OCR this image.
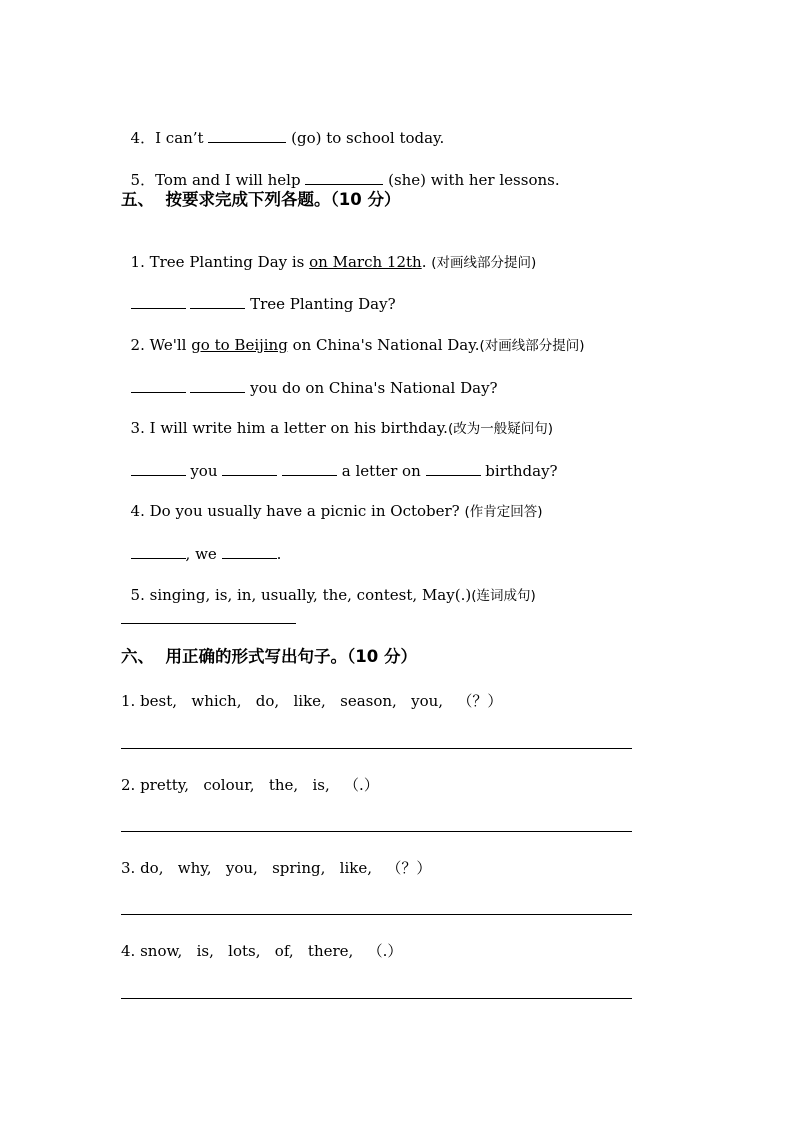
4．I can’t	(go) to school today.

5．Tom and I will help	(she) with her lessons.

五、  按要求完成下列各题。（10 分）

1. Tree Planting Day is on March 12th. (对画线部分提问)

Tree Planting Day?

2. We'll go to Beijing on China's National Day.(对画线部分提问)

you do on China's National Day?

3. I will write him a letter on his birthday.(改为一般疑问句)

you	a letter on	birthday?

4. Do you usually have a picnic in October? (作肯定回答)

, we	.

5. singing, is, in, usually, the, contest, May(.)(连词成句)

六、  用正确的形式写出句子。（10 分）
1. best,   which,   do,   like,   season,   you,   （？）
2. pretty,   colour,   the,   is,   （.）
3. do,   why,   you,   spring,   like,   （？）
4. snow,   is,   lots,   of,   there,   （.）
